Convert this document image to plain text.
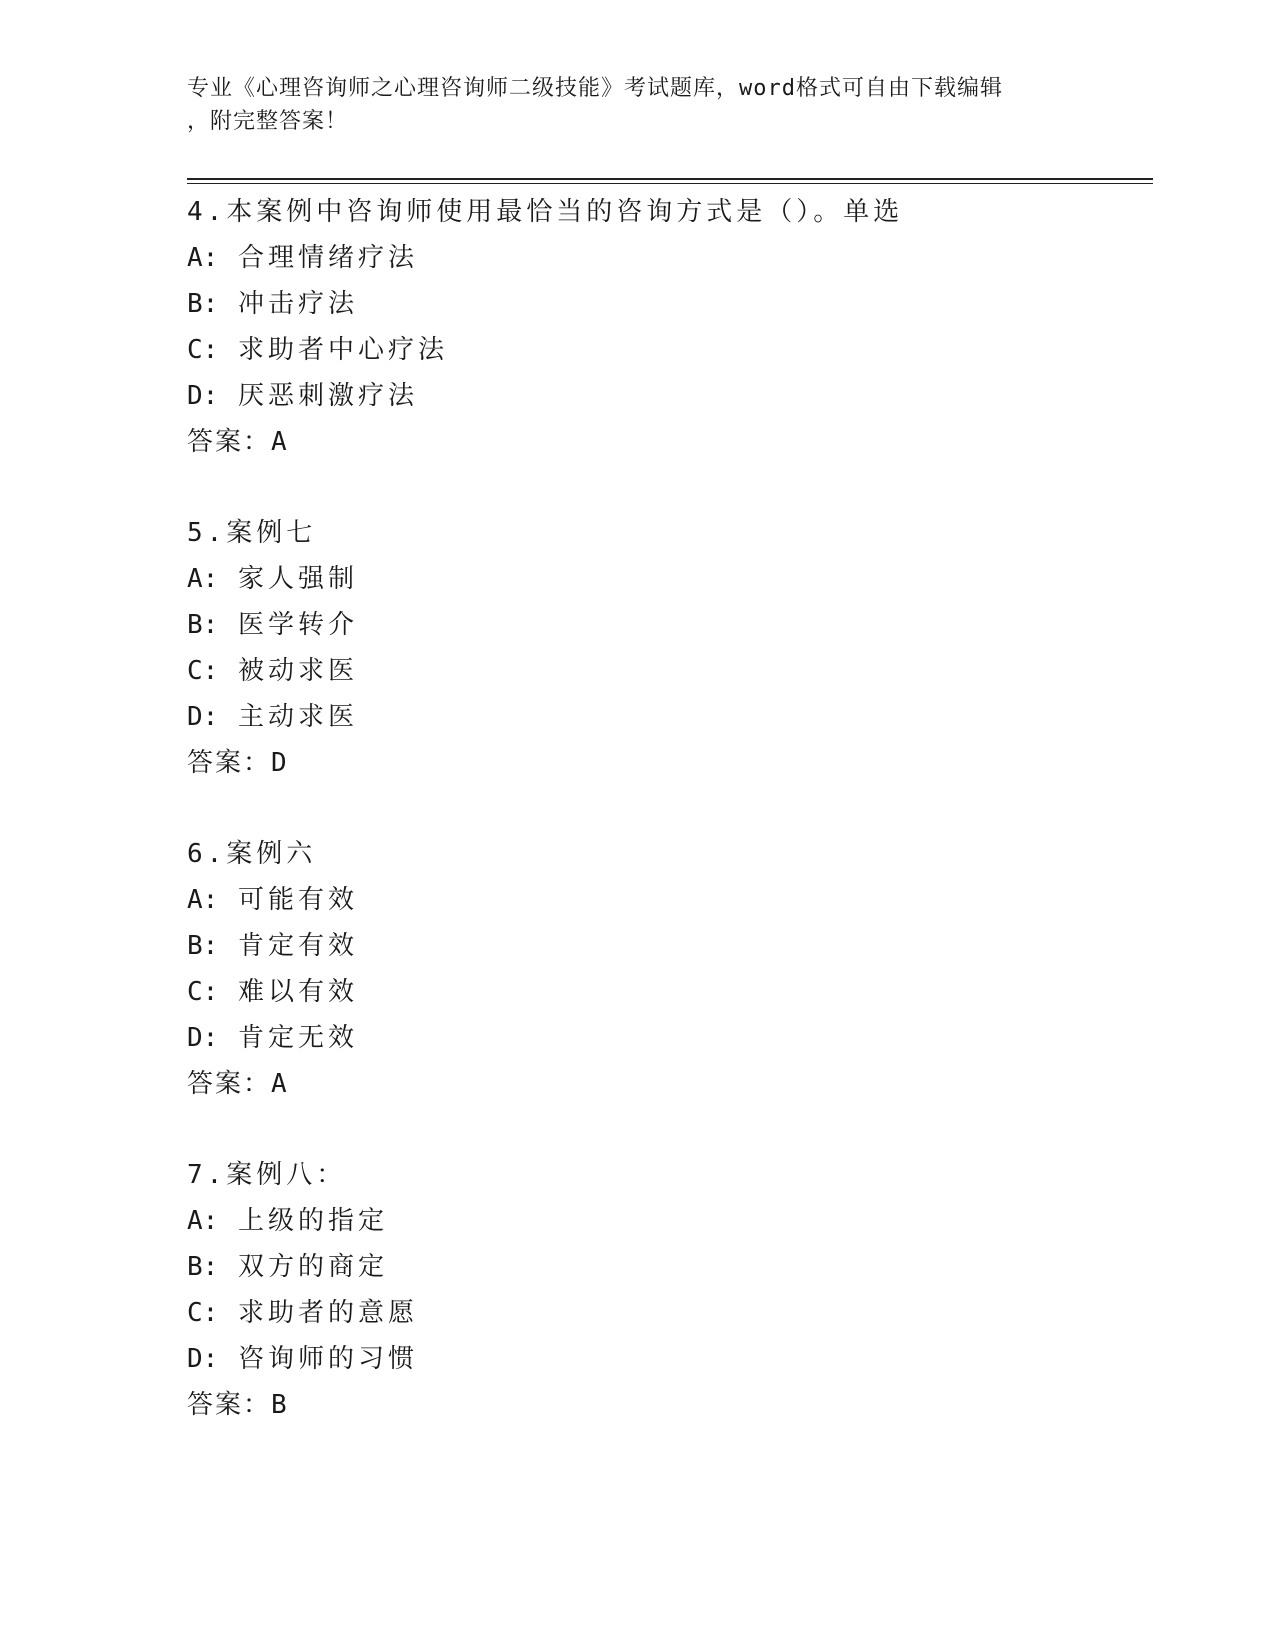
专业《心理咨询师之心理咨询师二级技能》考试题库，word格式可自由下载编辑
，附完整答案！
4.本案例中咨询师使用最恰当的咨询方式是（）。单选
A: 合理情绪疗法
B: 冲击疗法
C: 求助者中心疗法
D: 厌恶刺激疗法
答案：A
5.案例七
A: 家人强制
B: 医学转介
C: 被动求医
D: 主动求医
答案：D
6.案例六
A: 可能有效
B: 肯定有效
C: 难以有效
D: 肯定无效
答案：A
7.案例八：
A: 上级的指定
B: 双方的商定
C: 求助者的意愿
D: 咨询师的习惯
答案：B
